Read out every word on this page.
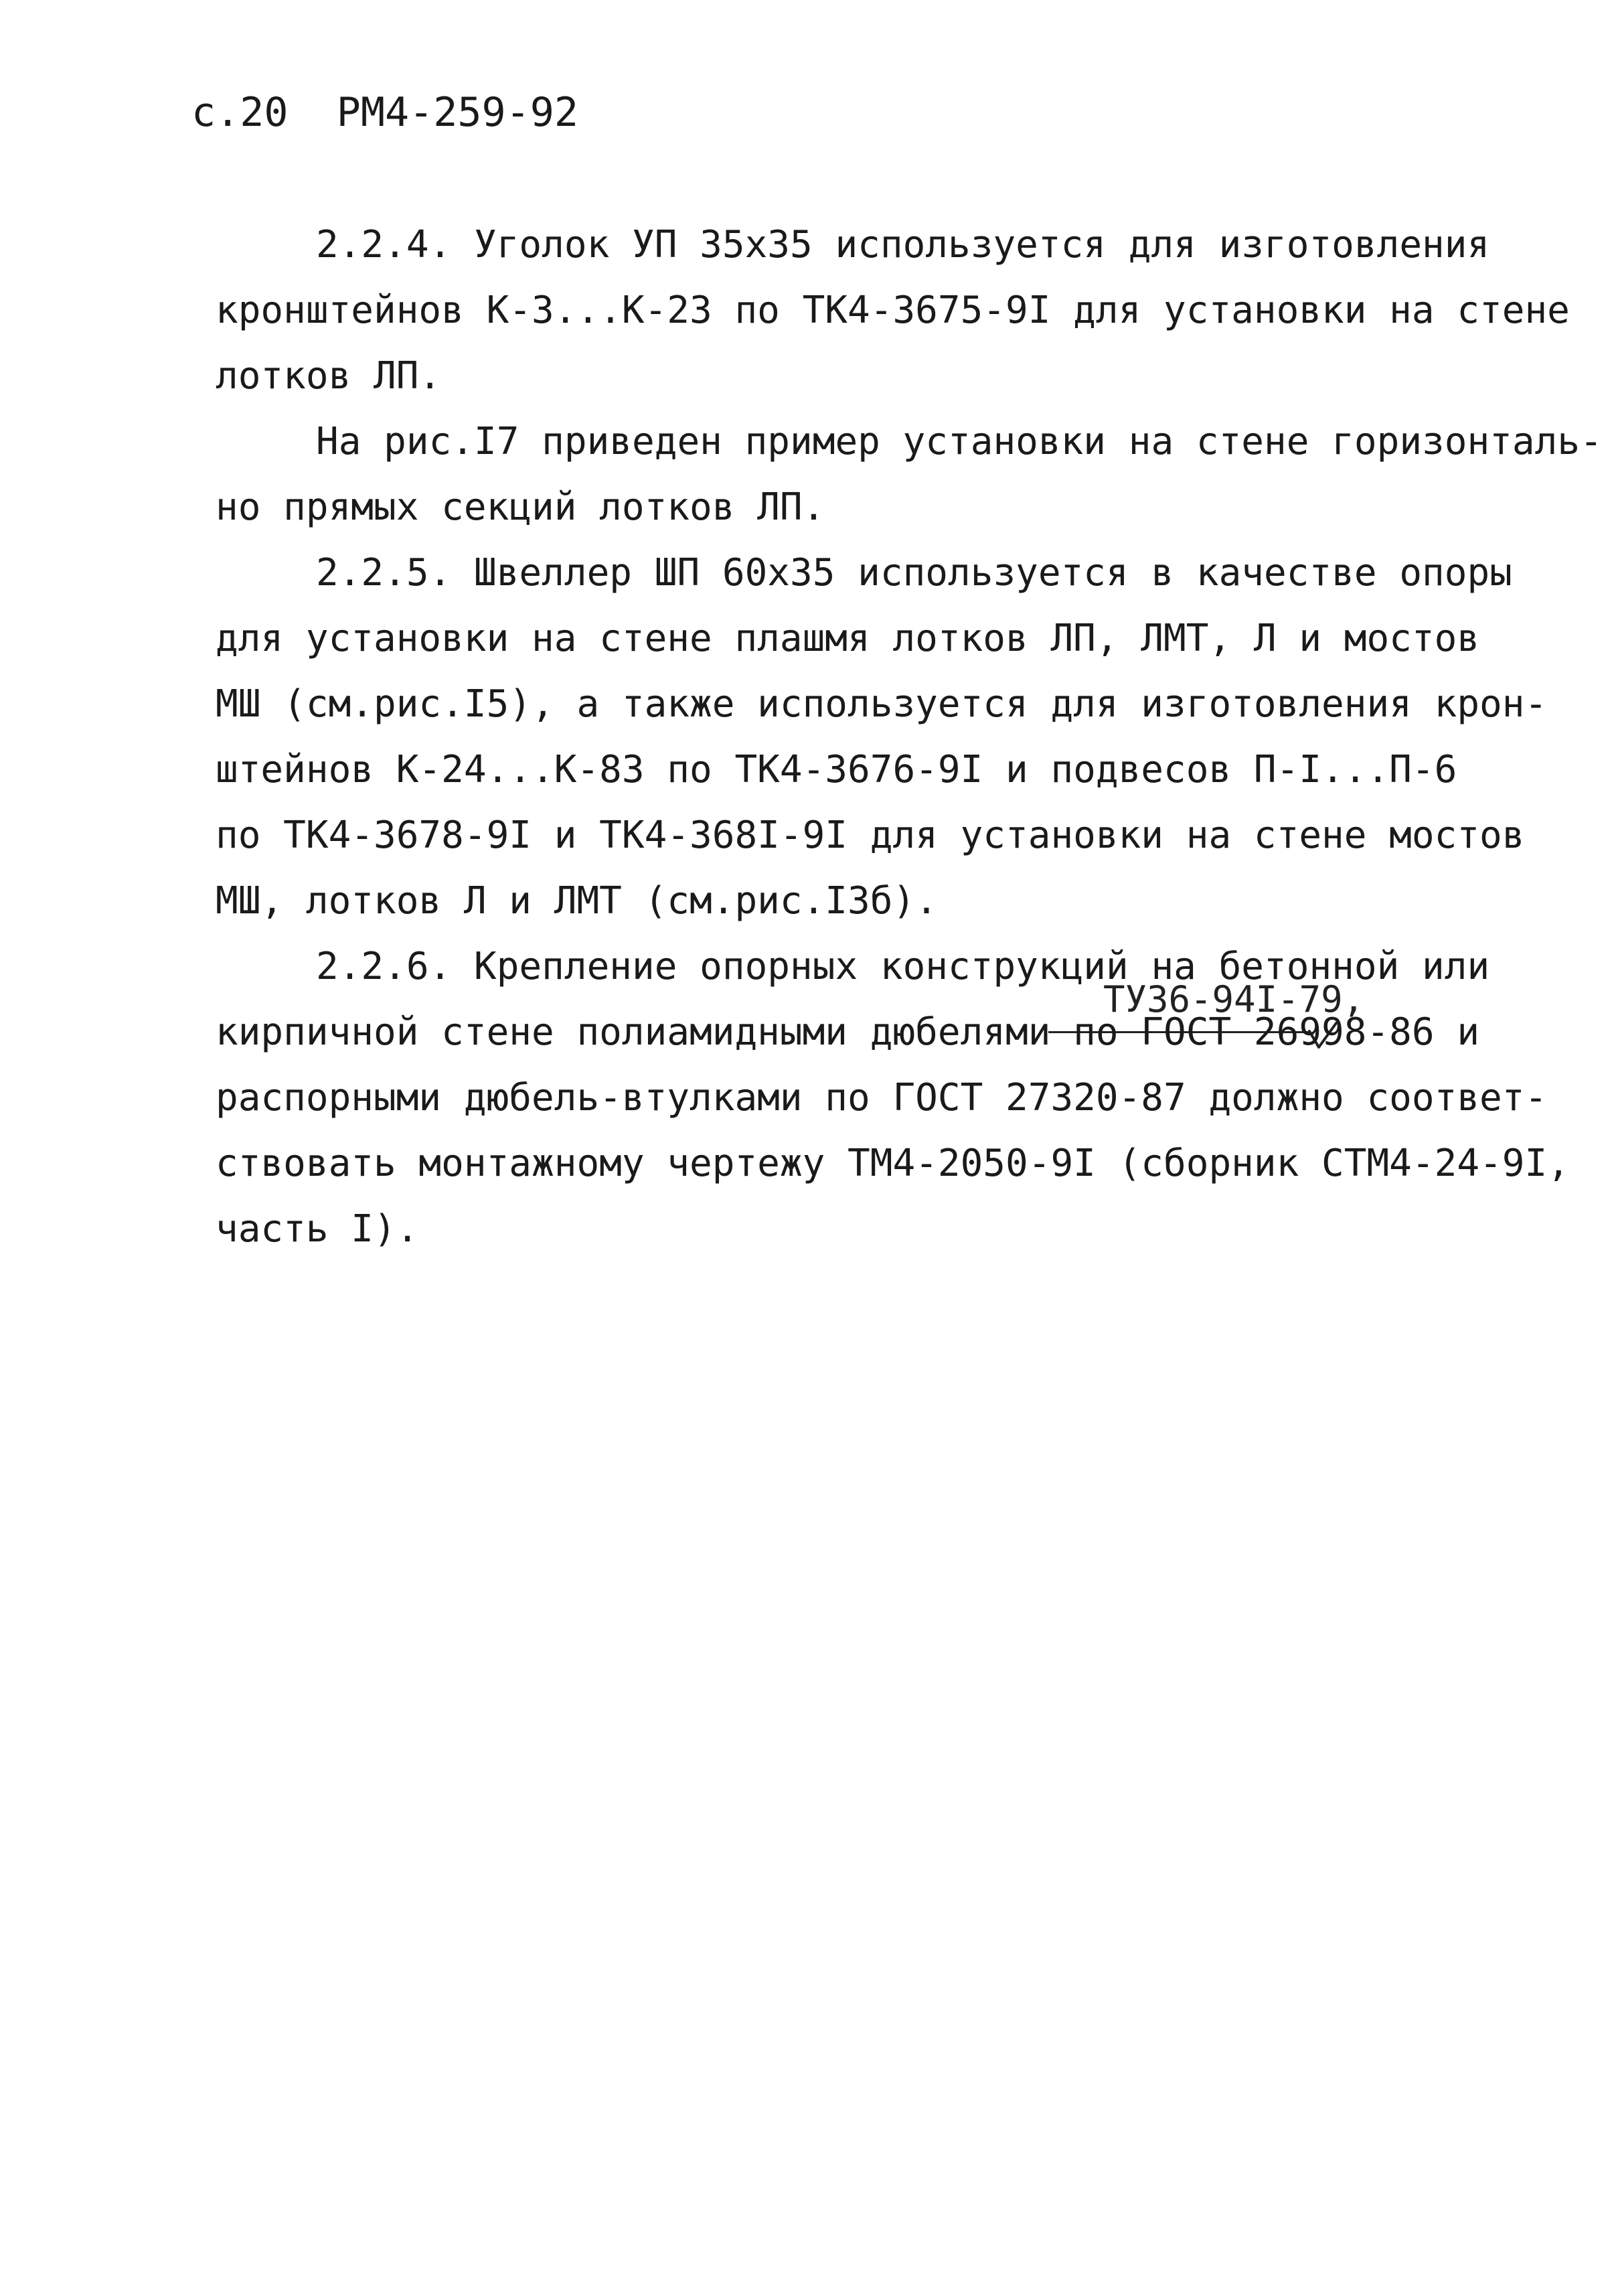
с.20 РМ4-259-92
2.2.4. Уголок УП 35х35 используется для изготовления
кронштейнов К-3...К-23 по ТК4-3675-9I для установки на стене
лотков ЛП.
На рис.I7 приведен пример установки на стене горизонталь-
но прямых секций лотков ЛП.
2.2.5. Швеллер ШП 60х35 используется в качестве опоры
для установки на стене плашмя лотков ЛП, ЛМТ, Л и мостов
МШ (см.рис.I5), а также используется для изготовления крон-
штейнов К-24...К-83 по ТК4-3676-9I и подвесов П-I...П-6
по ТК4-3678-9I и ТК4-368I-9I для установки на стене мостов
МШ, лотков Л и ЛМТ (см.рис.I3б).
2.2.6. Крепление опорных конструкций на бетонной или
ТУ36-94I-79,
кирпичной стене полиамидными дюбелями по ГОСТ 26998-86 и
распорными дюбель-втулками по ГОСТ 27320-87 должно соответ-
ствовать монтажному чертежу ТМ4-2050-9I (сборник СТМ4-24-9I,
часть I).
